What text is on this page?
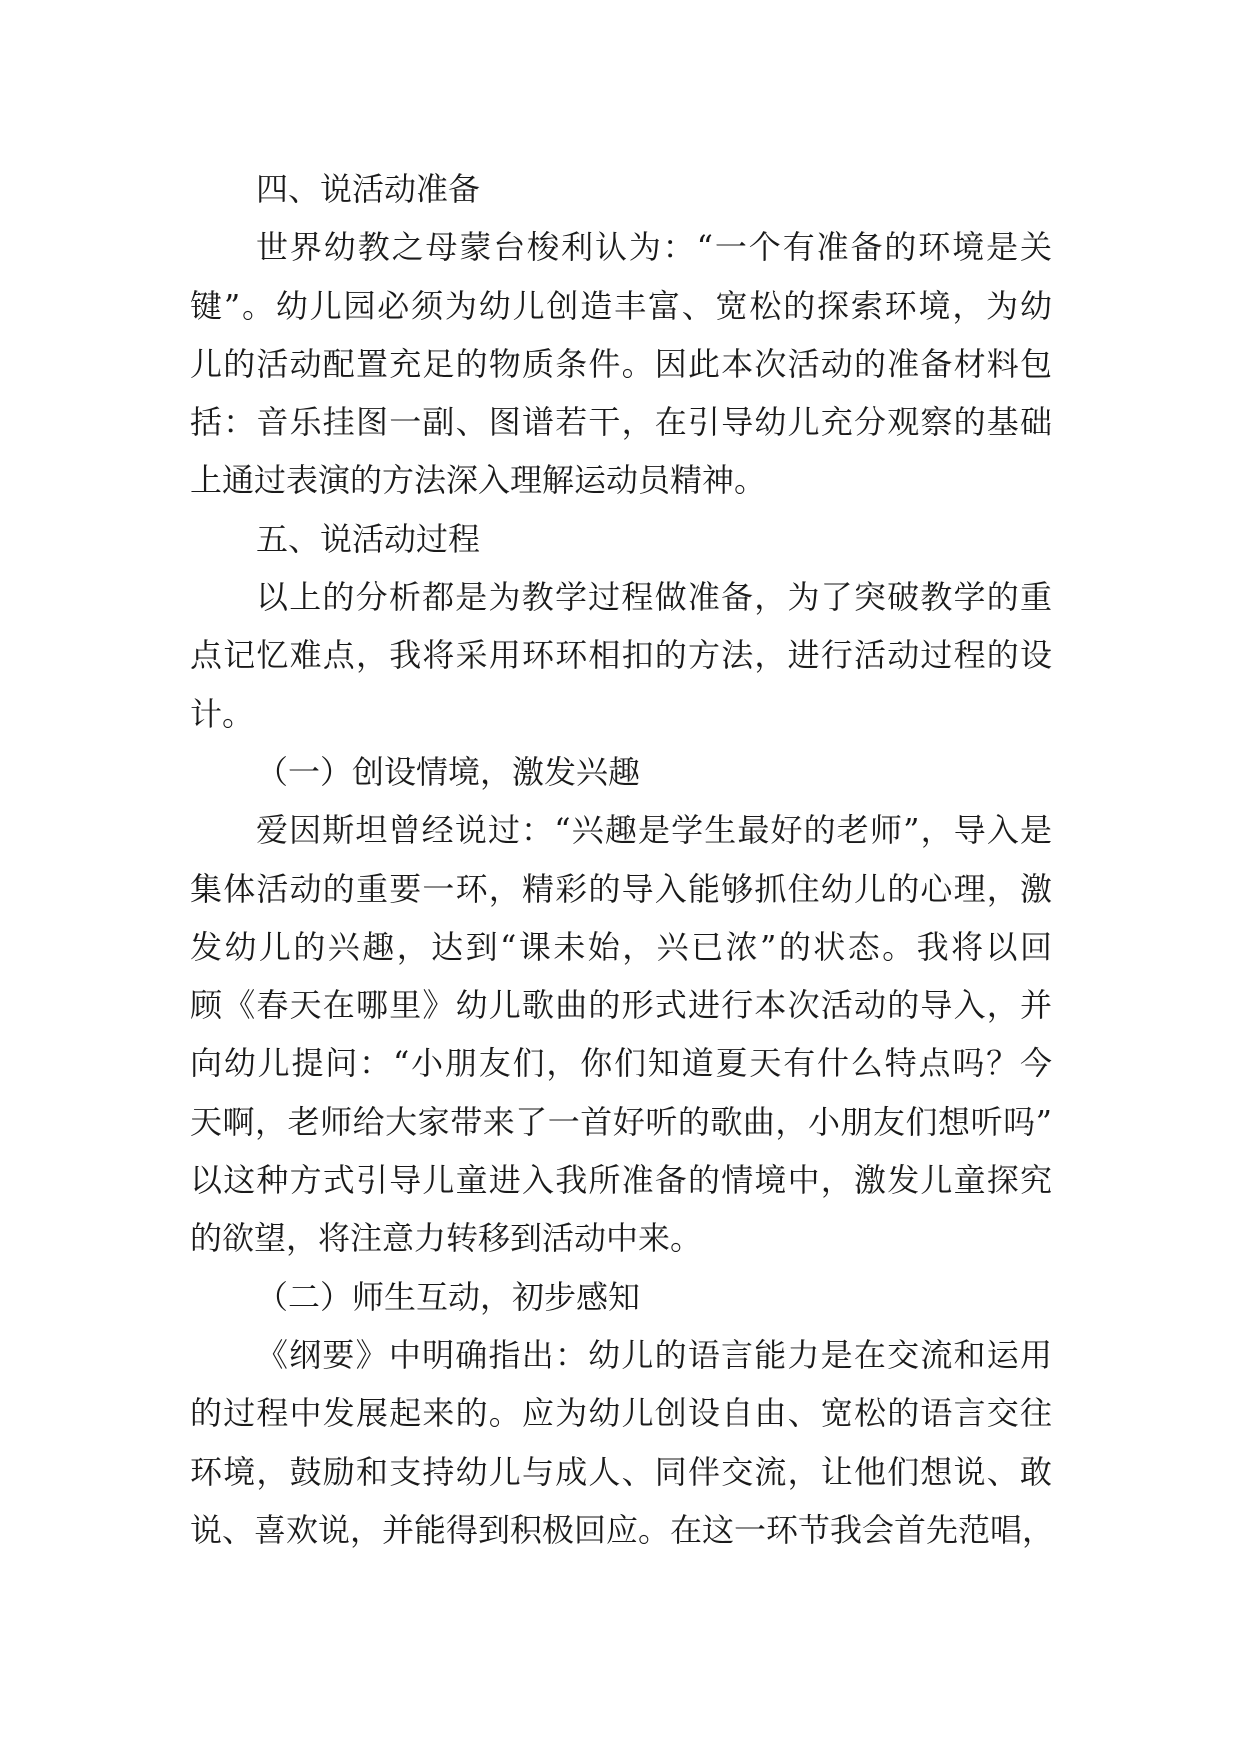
四、说活动准备
世界幼教之母蒙台梭利认为：“一个有准备的环境是关
键”。幼儿园必须为幼儿创造丰富、宽松的探索环境，为幼
儿的活动配置充足的物质条件。因此本次活动的准备材料包
括：音乐挂图一副、图谱若干，在引导幼儿充分观察的基础
上通过表演的方法深入理解运动员精神。
五、说活动过程
以上的分析都是为教学过程做准备，为了突破教学的重
点记忆难点，我将采用环环相扣的方法，进行活动过程的设
计。
（一）创设情境，激发兴趣
爱因斯坦曾经说过：“兴趣是学生最好的老师”，导入是
集体活动的重要一环，精彩的导入能够抓住幼儿的心理，激
发幼儿的兴趣，达到“课未始，兴已浓”的状态。我将以回
顾《春天在哪里》幼儿歌曲的形式进行本次活动的导入，并
向幼儿提问：“小朋友们，你们知道夏天有什么特点吗？今
天啊，老师给大家带来了一首好听的歌曲，小朋友们想听吗”
以这种方式引导儿童进入我所准备的情境中，激发儿童探究
的欲望，将注意力转移到活动中来。
（二）师生互动，初步感知
《纲要》中明确指出：幼儿的语言能力是在交流和运用
的过程中发展起来的。应为幼儿创设自由、宽松的语言交往
环境，鼓励和支持幼儿与成人、同伴交流，让他们想说、敢
说、喜欢说，并能得到积极回应。在这一环节我会首先范唱，
